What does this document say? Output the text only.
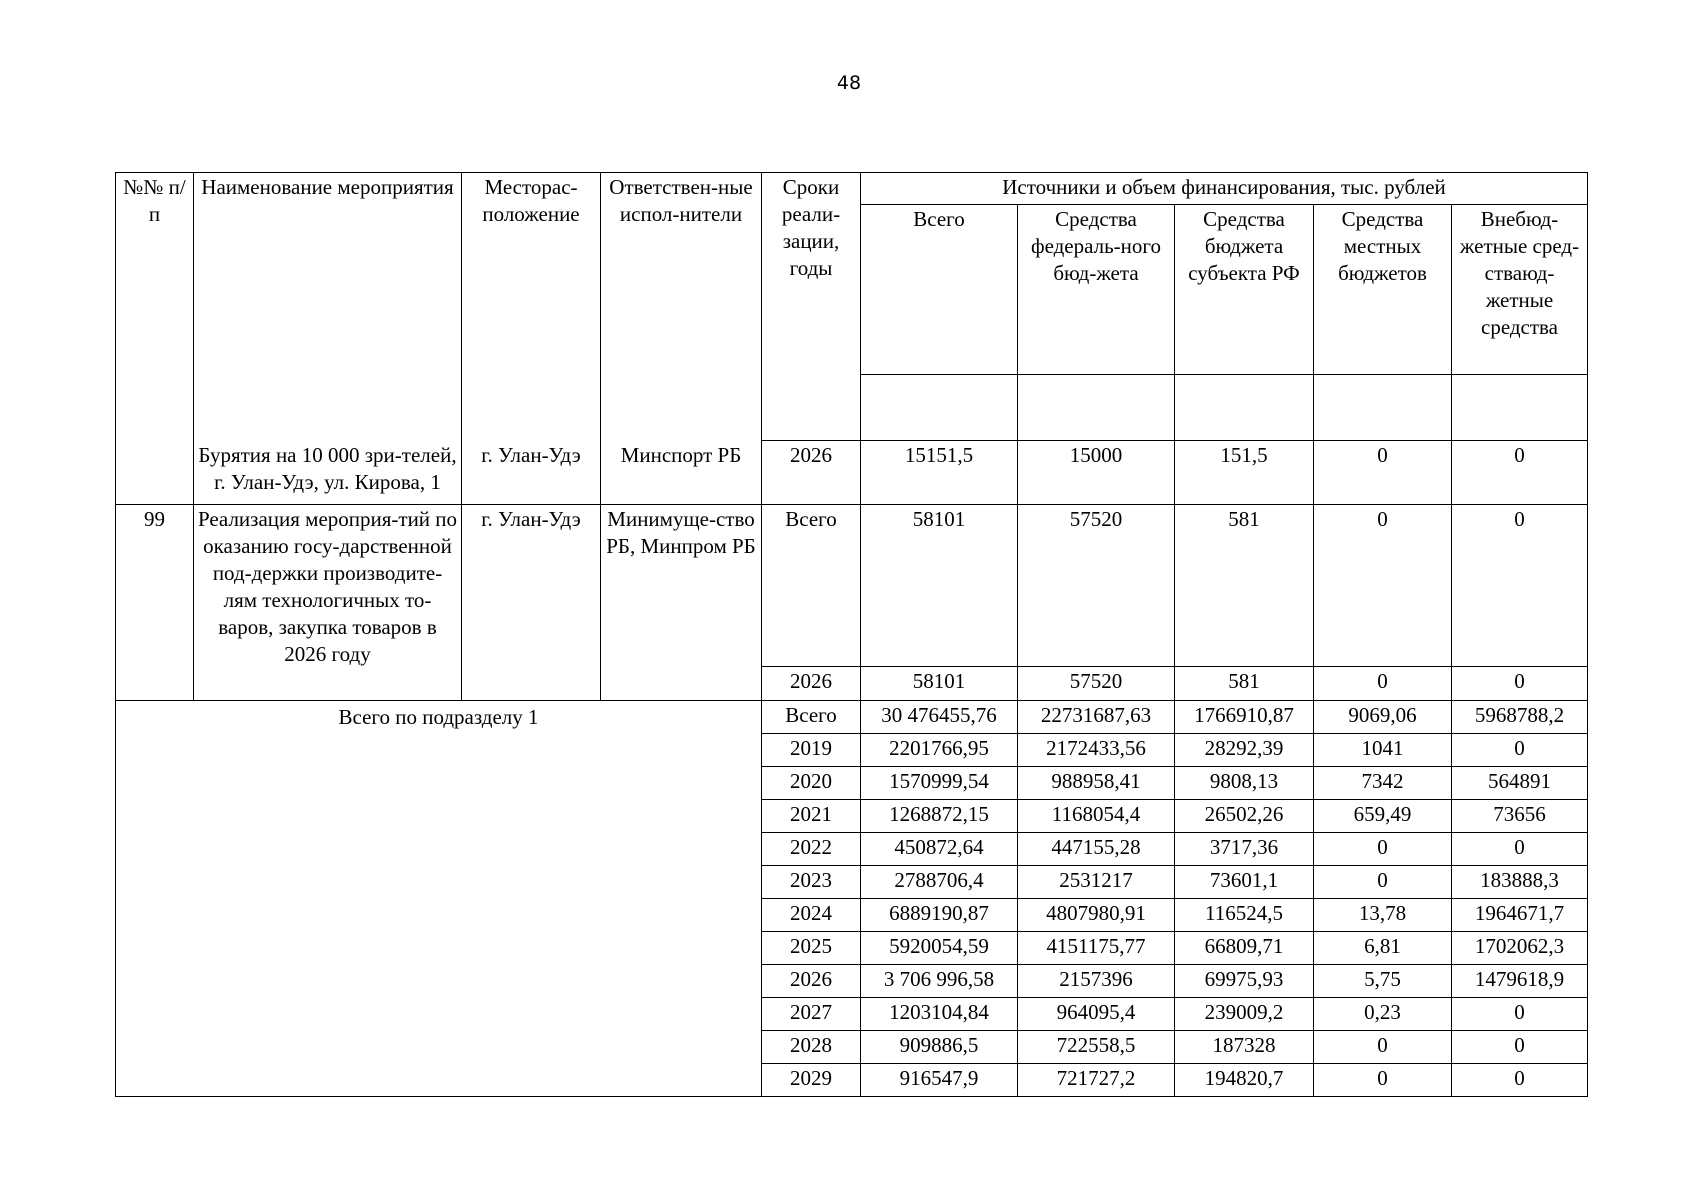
48
№№ п/п	Наименование мероприятия	Месторас-положение	Ответствен-ные испол-нители	Сроки реали-зации, годы	Источники и объем финансирования, тыс. рублей				
					Всего	Средства федераль-ного бюд-жета	Средства бюджета субъекта РФ	Средства местных бюджетов	Внебюд-жетные сред-стваюд-жетные средства

	Бурятия на 10 000 зри-телей, г. Улан-Удэ, ул. Кирова, 1	г. Улан-Удэ	Минспорт РБ	2026	15151,5	15000	151,5	0	0
99	Реализация мероприя-тий по оказанию госу-дарственной под-держки производите-лям технологичных то-варов, закупка товаров в 2026 году	г. Улан-Удэ	Минимуще-ство РБ, Минпром РБ	Всего	58101	57520	581	0	0
				2026	58101	57520	581	0	0
Всего по подразделу 1				Всего	30 476455,76	22731687,63	1766910,87	9069,06	5968788,2
				2019	2201766,95	2172433,56	28292,39	1041	0
				2020	1570999,54	988958,41	9808,13	7342	564891
				2021	1268872,15	1168054,4	26502,26	659,49	73656
				2022	450872,64	447155,28	3717,36	0	0
				2023	2788706,4	2531217	73601,1	0	183888,3
				2024	6889190,87	4807980,91	116524,5	13,78	1964671,7
				2025	5920054,59	4151175,77	66809,71	6,81	1702062,3
				2026	3 706 996,58	2157396	69975,93	5,75	1479618,9
				2027	1203104,84	964095,4	239009,2	0,23	0
				2028	909886,5	722558,5	187328	0	0
				2029	916547,9	721727,2	194820,7	0	0
